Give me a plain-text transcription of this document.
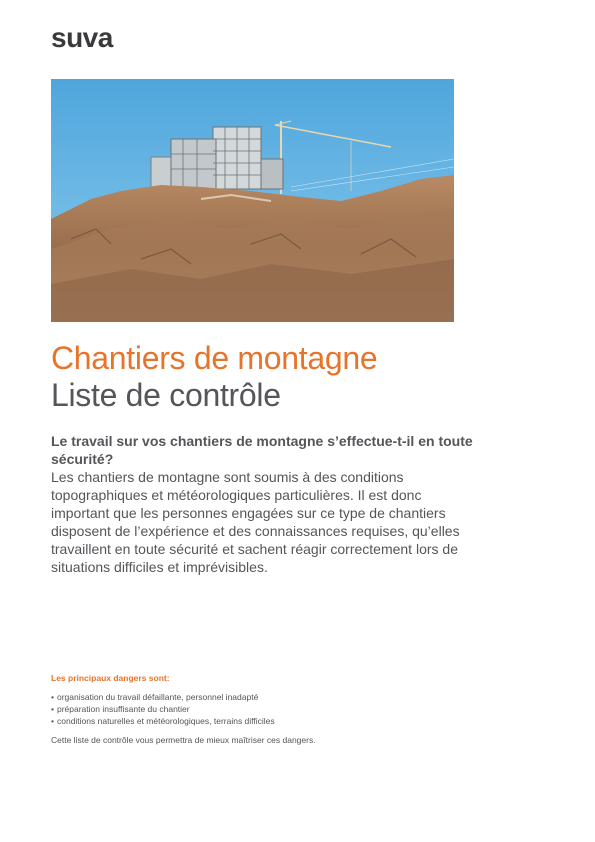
suva
Chantiers de montagne
Liste de contrôle

Le travail sur vos chantiers de montagne s’effectue-t-il en toute sécurité?

Les chantiers de montagne sont soumis à des conditions topographiques et météorologiques particulières. Il est donc important que les personnes engagées sur ce type de chantiers disposent de l’expérience et des connaissances requises, qu’elles travaillent en toute sécurité et sachent réagir correctement lors de situations difficiles et imprévisibles.

Les principaux dangers sont:

• organisation du travail défaillante, personnel inadapté
• préparation insuffisante du chantier
• conditions naturelles et météorologiques, terrains difficiles

Cette liste de contrôle vous permettra de mieux maîtriser ces dangers.
